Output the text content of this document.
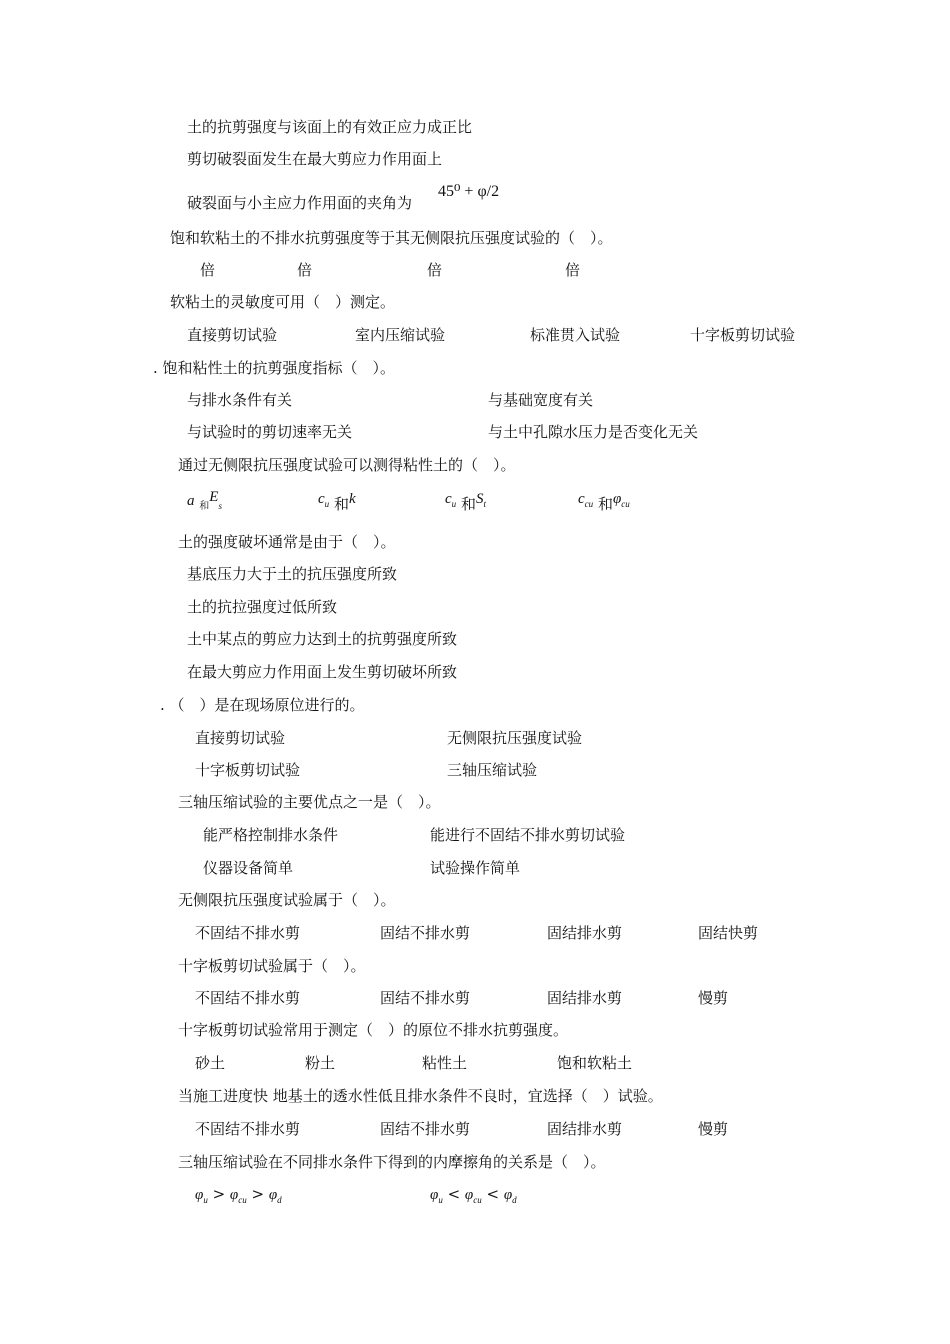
土的抗剪强度与该面上的有效正应力成正比
剪切破裂面发生在最大剪应力作用面上
破裂面与小主应力作用面的夹角为
45⁰ + φ/2
饱和软粘土的不排水抗剪强度等于其无侧限抗压强度试验的（　）。
倍	倍	倍	倍
软粘土的灵敏度可用（　）测定。
直接剪切试验	室内压缩试验	标准贯入试验	十字板剪切试验
. 饱和粘性土的抗剪强度指标（　）。
与排水条件有关	与基础宽度有关
与试验时的剪切速率无关	与土中孔隙水压力是否变化无关
通过无侧限抗压强度试验可以测得粘性土的（　）。
a $_和E_s$	$c_u$ 和k	$c_u$ 和$S_t$	$c_{cu}$ 和$\varphi_{cu}$
土的强度破坏通常是由于（　）。
基底压力大于土的抗压强度所致
土的抗拉强度过低所致
土中某点的剪应力达到土的抗剪强度所致
在最大剪应力作用面上发生剪切破坏所致
. （　）是在现场原位进行的。
直接剪切试验	无侧限抗压强度试验
十字板剪切试验	三轴压缩试验
三轴压缩试验的主要优点之一是（　）。
能严格控制排水条件	能进行不固结不排水剪切试验
仪器设备简单	试验操作简单
无侧限抗压强度试验属于（　）。
不固结不排水剪	固结不排水剪	固结排水剪	固结快剪
十字板剪切试验属于（　）。
不固结不排水剪	固结不排水剪	固结排水剪	慢剪
十字板剪切试验常用于测定（　）的原位不排水抗剪强度。
砂土	粉土	粘性土	饱和软粘土
当施工进度快 地基土的透水性低且排水条件不良时，宜选择（　）试验。
不固结不排水剪	固结不排水剪	固结排水剪	慢剪
三轴压缩试验在不同排水条件下得到的内摩擦角的关系是（　）。
$\varphi_u > \varphi_{cu} > \varphi_d$	$\varphi_u < \varphi_{cu} < \varphi_d$
